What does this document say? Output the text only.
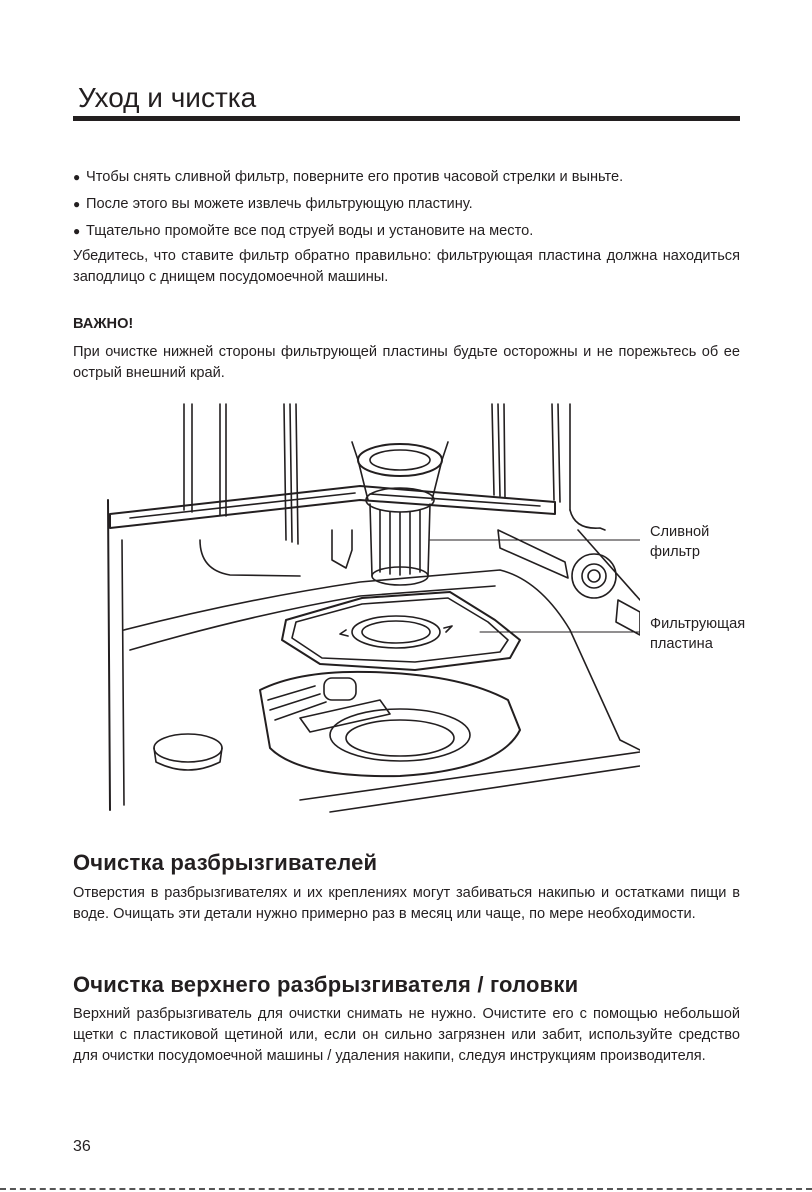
Уход и чистка

● Чтобы снять сливной фильтр, поверните его против часовой стрелки и выньте.

● После этого вы можете извлечь фильтрующую пластину.

● Тщательно промойте все под струей воды и установите на место.

Убедитесь, что ставите фильтр обратно правильно: фильтрующая пластина должна находиться заподлицо с днищем посудомоечной машины.

ВАЖНО!

При очистке нижней стороны фильтрующей пластины будьте осторожны и не порежьтесь об ее острый внешний край.

Сливной
фильтр
Фильтрующая
пластина
Очистка разбрызгивателей

Отверстия в разбрызгивателях и их креплениях могут забиваться накипью и остатками пищи в воде. Очищать эти детали нужно примерно раз в месяц или чаще, по мере необходимости.

Очистка верхнего разбрызгивателя / головки

Верхний разбрызгиватель для очистки снимать не нужно. Очистите его с помощью небольшой щетки с пластиковой щетиной или, если он сильно загрязнен или забит, используйте средство для очистки посудомоечной машины / удаления накипи, следуя инструкциям производителя.

36
